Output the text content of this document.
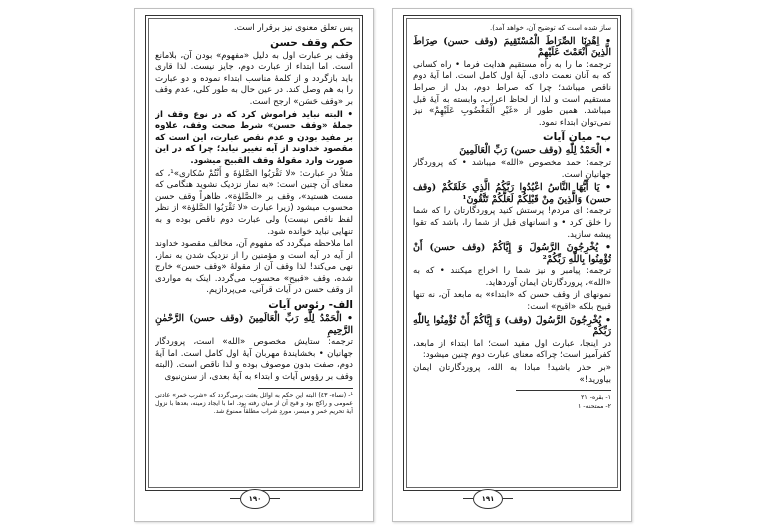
پس تعلق معنوی نیز برقرار است.

حکم وقف حسن

وقف بر عبارت اول به دلیل «مفهوم» بودن آن، بلامانع است. اما ابتداء از عبارت دوم، جایز نیست. لذا قاری باید بازگردد و از کلمهٔ مناسب ابتداء نموده و دو عبارت را به هم وصل کند. در عین حال به طور کلی، عدم وقف بر «وقف حَسَن» ارجح است.

• البته نباید فراموش کرد که در نوع وقف از جملهٔ «وقف حسن» شرط صحت وقف، علاوه بر مفید بودن و عدم نقص عبارت، این است که مقصود خداوند از آیه تغییر نیابد؛ چرا که در این صورت وارد مقولهٔ وقف القبیح میشود.

مثلاً در عبارت: «لا تَقْرَبُوا الصَّلوٰةَ و أَنْتُمْ سُكاری»¹، که معنای آن چنین است: «به نماز نزدیک نشوید هنگامی که مست هستید»، وقف بر «الصَّلوٰة»، ظاهراً وقف حسن محسوب میشود (زیرا عبارت «لا تَقْرَبُوا الصَّلوٰة» از نظر لفظ ناقص نیست) ولی عبارت دوم ناقص بوده و به تنهایی نباید خوانده شود.

اما ملاحظه میگردد که مفهوم آن، مخالف مقصود خداوند از آیه در آیه است و مؤمنین را از نزدیک شدن به نماز، نهی می‌کند! لذا وقف آن از مقولهٔ «وقف حسن» خارج شده، وقف «قبیح» محسوب می‌گردد. اینک به مواردی از وقف حسن در آیات قرآنی، می‌پردازیم.

الف- رئوس آیات

• الْحَمْدُ لِلّٰهِ رَبِّ الْعَالَمِينَ (وقف حسن) الرَّحْمٰنِ الرَّحِيمِ

ترجمه: ستایش مخصوص «الله» است، پروردگار جهانیان • بخشایندهٔ مهربان آیهٔ اول کامل است. اما آیهٔ دوم، صفت بدون موصوف بوده و لذا ناقص است. (البته وقف بر رؤوس آیات و ابتداء به آیهٔ بعدی، از سنن‌نبوی

¹- (نساء- ٤٣) البته این حکم به اوائل بعثت برمی‌گردد که «شرب خمر» عادتی عمومی و راکج بود و قبح آن از میان رفته بود. اما با ایجاد زمینه، بعدها با نزول آیهٔ تحریم خمر و میسر، موردِ شراب مطلقاً ممنوع شد.

١٩٠

ساز شده است که توضیح آن، خواهد آمد).

• اِهْدِنَا الصِّرَاطَ الْمُسْتَقِيمَ (وقف حسن) صِرَاطَ الَّذِينَ أَنْعَمْتَ عَلَيْهِمْ

ترجمه: ما را به راه مستقیم هدایت فرما • راه کسانی که به آنان نعمت دادی. آیهٔ اول کامل است. اما آیهٔ دوم ناقص میباشد؛ چرا که صراط دوم، بدل از صراط مستقیم است و لذا از لحاظ اعراب، وابسته به آیهٔ قبل میباشد. همین طور از «غَيْرِ الْمَغْضُوبِ عَلَيْهِمْ» نیز نمی‌توان ابتداء نمود.

ب- میان آیات

• الْحَمْدُ لِلّٰهِ (وقف حسن) رَبِّ الْعَالَمِينَ

ترجمه: حمد مخصوص «الله» میباشد • که پروردگار جهانیان است.

• يَا أَيُّهَا النَّاسُ اعْبُدُوا رَبَّكُمُ الَّذِي خَلَقَكُمْ (وقف حسن) وَالَّذِينَ مِنْ قَبْلِكُمْ لَعَلَّكُمْ تَتَّقُونَ¹

ترجمه: ای مردم! پرستش کنید پروردگارتان را که شما را خلق کرد • و انسانهای قبل از شما را، باشد که تقوا پیشه سازید.

• يُخْرِجُونَ الرَّسُولَ وَ إِيَّاكُمْ (وقف حسن) أَنْ تُؤْمِنُوا بِاللّٰهِ رَبِّكُمْ²

ترجمه: پیامبر و نیز شما را اخراج میکنند • که به «الله»، پروردگارتان ایمان آوردهاید.

نمونهای از وقف حسن که «ابتداء» به مابعد آن، نه تنها قبیح بلکه «اقبح» است:

• يُخْرِجُونَ الرَّسُولَ (وقف) وَ إِيَّاكُمْ أَنْ تُؤْمِنُوا بِاللّٰهِ رَبِّكُمْ

در اینجا، عبارت اول مفید است؛ اما ابتداء از مابعد، کفرآمیز است؛ چراکه معنای عبارت دوم چنین میشود:

«بر حذر باشید! مبادا به الله، پروردگارتان ایمان بیاورید!»

۱- بقره- ٢١

٢- ممتحنه- ١

١٩١
